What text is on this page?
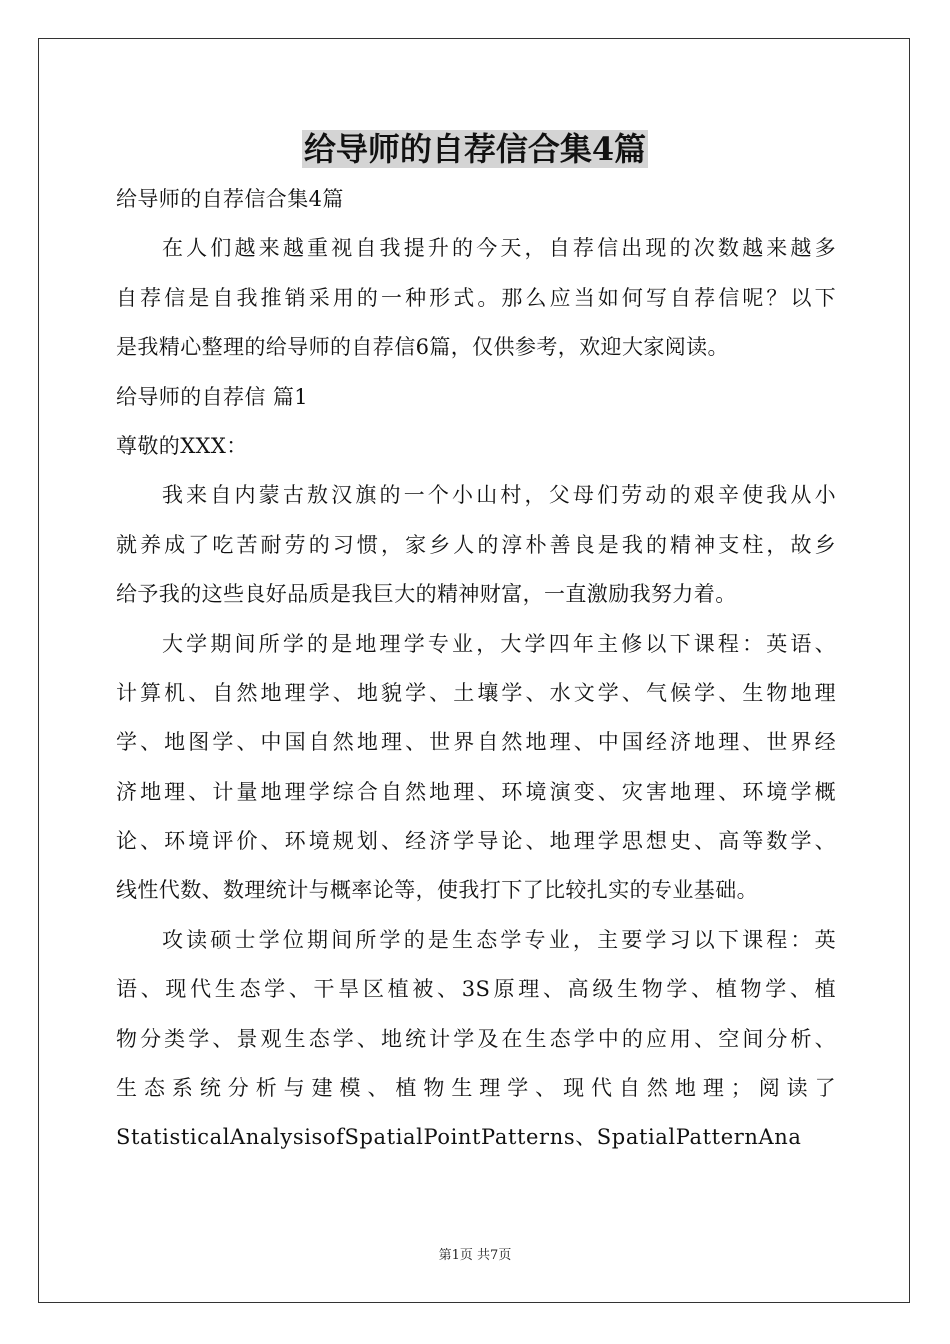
给导师的自荐信合集4篇
给导师的自荐信合集4篇
在人们越来越重视自我提升的今天，自荐信出现的次数越来越多
自荐信是自我推销采用的一种形式。那么应当如何写自荐信呢？以下
是我精心整理的给导师的自荐信6篇，仅供参考，欢迎大家阅读。
给导师的自荐信 篇1
尊敬的XXX：
我来自内蒙古敖汉旗的一个小山村，父母们劳动的艰辛使我从小
就养成了吃苦耐劳的习惯，家乡人的淳朴善良是我的精神支柱，故乡
给予我的这些良好品质是我巨大的精神财富，一直激励我努力着。
大学期间所学的是地理学专业，大学四年主修以下课程：英语、
计算机、自然地理学、地貌学、土壤学、水文学、气候学、生物地理
学、地图学、中国自然地理、世界自然地理、中国经济地理、世界经
济地理、计量地理学综合自然地理、环境演变、灾害地理、环境学概
论、环境评价、环境规划、经济学导论、地理学思想史、高等数学、
线性代数、数理统计与概率论等，使我打下了比较扎实的专业基础。
攻读硕士学位期间所学的是生态学专业，主要学习以下课程：英
语、现代生态学、干旱区植被、3S原理、高级生物学、植物学、植
物分类学、景观生态学、地统计学及在生态学中的应用、空间分析、
生态系统分析与建模、植物生理学、现代自然地理；阅读了
StatisticalAnalysisofSpatialPointPatterns、SpatialPatternAna
第1页 共7页
